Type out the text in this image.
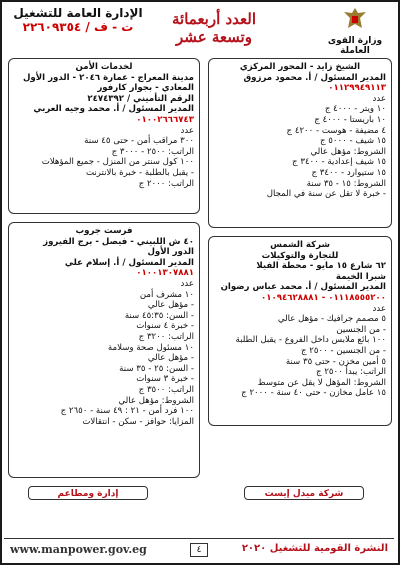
الإدارة العامة للتشغيل
ت - ف / ٢٢٦٠٩٣٥٤	العدد أربعمائة وتسعة عشر	وزارة القوى العاملة
الشيخ زايد - المحور المركزي
المدير المسئول / أ. محمود مرزوق
٠١١٢٩٩٤٩١١٣
عدد
١٠ ويتر - ٤٠٠٠ ج
١٠ باريستا - ٤٠٠٠ ج
٤ مضيفة - هوست - ٤٢٠٠ ج
١٥ شيف - ٥٠٠٠ ج
الشروط: مؤهل عالي
١٥ شيف إعدادية - ٣٤٠٠ ج
١٥ ستيوارد - ٣٤٠٠ ج
الشروط: ١٥ - ٣٥ سنة
- خبرة لا تقل عن سنة في المجال
لخدمات الأمن
مدينة المعراج - عمارة ٢٠٤٦ - الدور الأول
المعادي - بجوار كارفور
الرقم التأميني / ٢٤٧٤٣٩٢
المدير المسئول / أ. محمد وجيه العربي
٠١٠٠٢٦٦٦٧٤٣
عدد
٣٠٠ مراقب أمن - حتى ٤٥ سنة
الراتب: ٢٥٠٠ - ٣٠٠٠ ج
١٠٠ كول سنتر من المنزل - جميع المؤهلات
- يقبل بالطلبة - خبرة بالانترنت
الراتب: ٢٠٠٠ ج
شركة الشمس
للتجارة والتوكيلات
٦٢ شارع ١٥ مايو - محطة الفيلا
شبرا الخيمة
المدير المسئول / أ. محمد عباس رضوان
٠١١١٨٥٥٥٢٠٠ - ٠١٠٩٤٦٢٨٨٨١
عدد
٥ مصمم جرافيك - مؤهل عالي
- من الجنسين
١٠٠ بائع ملابس داخل الفروع - يقبل الطلبة
- من الجنسين - ٢٥٠٠ ج
٥ أمين مخزن - حتى ٣٥ سنة
الراتب: يبدأ ٢٥٠٠ ج
الشروط: المؤهل لا يقل عن متوسط
١٥ عامل مخازن - حتى ٤٠ سنة - ٢٠٠٠ ج
فرست جروب
٤٠ ش اللبيني - فيصل - برج الفيروز
الدور الأول
المدير المسئول / أ. إسلام علي
٠١٠٠١٣٠٧٨٨١
عدد
١٠ مشرف أمن
- مؤهل عالي
- السن: ٤٥:٣٥ سنة
- خبرة ٤ سنوات
الراتب: ٣٢٠٠ ج
١٠ مسئول صحة وسلامة
- مؤهل عالي
- السن: ٢٥ - ٣٥ سنة
- خبرة ٣ سنوات
الراتب: ٣٥٠٠ ج
الشروط: مؤهل عالي
١٠٠ فرد أمن - ٢١ : ٤٩ سنة - ٢٦٥٠ ج
المزايا: حوافز - سكن - انتقالات
شركة ميدل إيست
إدارة ومطاعم
www.manpower.gov.eg	٤	النشرة القومية للتشغيل ٢٠٢٠
